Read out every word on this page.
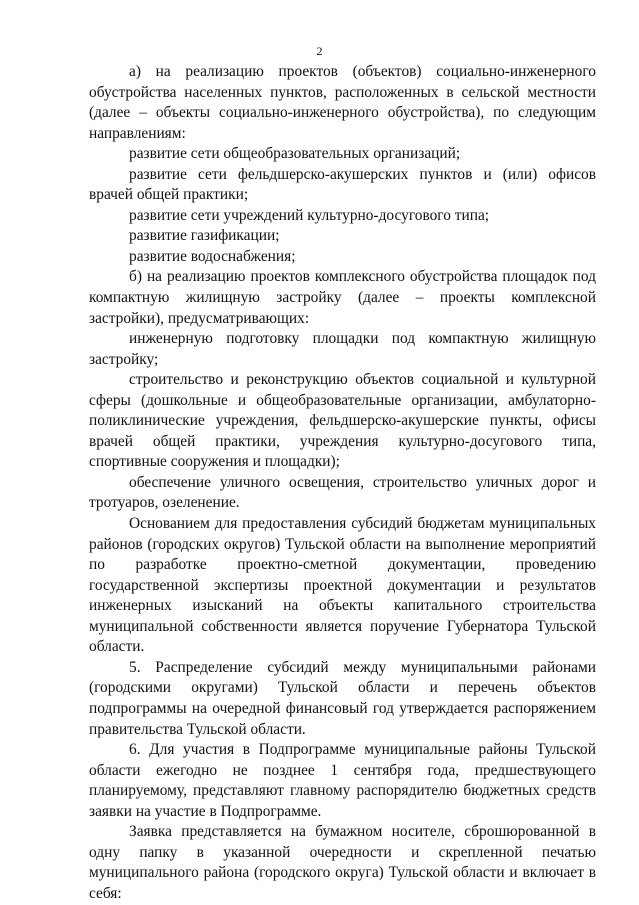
2

а) на реализацию проектов (объектов) социально-инженерного обустройства населенных пунктов, расположенных в сельской местности (далее – объекты социально-инженерного обустройства), по следующим направлениям:

развитие сети общеобразовательных организаций;

развитие сети фельдшерско-акушерских пунктов и (или) офисов врачей общей практики;

развитие сети учреждений культурно-досугового типа;

развитие газификации;

развитие водоснабжения;

б) на реализацию проектов комплексного обустройства площадок под компактную жилищную застройку (далее – проекты комплексной застройки), предусматривающих:

инженерную подготовку площадки под компактную жилищную застройку;

строительство и реконструкцию объектов социальной и культурной сферы (дошкольные и общеобразовательные организации, амбулаторно-поликлинические учреждения, фельдшерско-акушерские пункты, офисы врачей общей практики, учреждения культурно-досугового типа, спортивные сооружения и площадки);

обеспечение уличного освещения, строительство уличных дорог и тротуаров, озеленение.

Основанием для предоставления субсидий бюджетам муниципальных районов (городских округов) Тульской области на выполнение мероприятий по разработке проектно-сметной документации, проведению государственной экспертизы проектной документации и результатов инженерных изысканий на объекты капитального строительства муниципальной собственности является поручение Губернатора Тульской области.

5. Распределение субсидий между муниципальными районами (городскими округами) Тульской области и перечень объектов подпрограммы на очередной финансовый год утверждается распоряжением правительства Тульской области.

6. Для участия в Подпрограмме муниципальные районы Тульской области ежегодно не позднее 1 сентября года, предшествующего планируемому, представляют главному распорядителю бюджетных средств заявки на участие в Подпрограмме.

Заявка представляется на бумажном носителе, сброшюрованной в одну папку в указанной очередности и скрепленной печатью муниципального района (городского округа) Тульской области и включает в себя:
